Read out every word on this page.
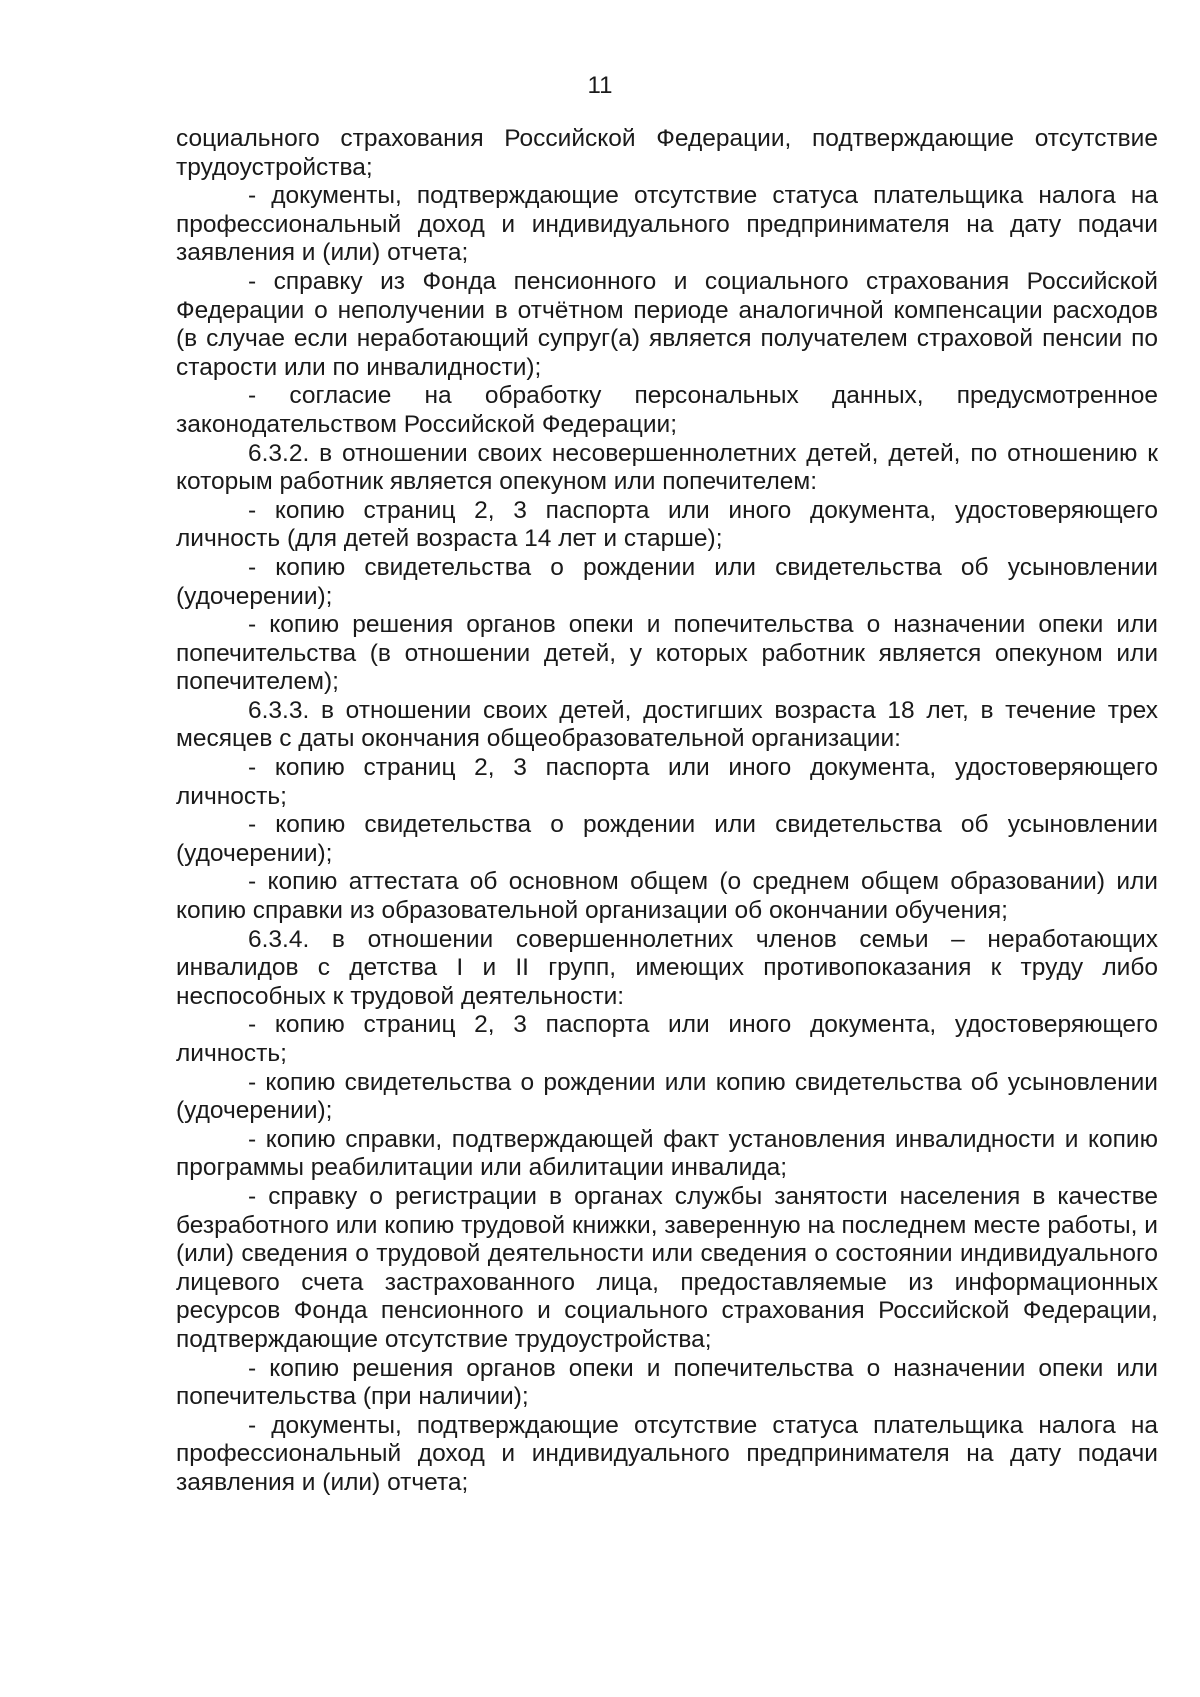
11

социального страхования Российской Федерации, подтверждающие отсутствие трудоустройства;

- документы, подтверждающие отсутствие статуса плательщика налога на профессиональный доход и индивидуального предпринимателя на дату подачи заявления и (или) отчета;

- справку из Фонда пенсионного и социального страхования Российской Федерации о неполучении в отчётном периоде аналогичной компенсации расходов (в случае если неработающий супруг(а) является получателем страховой пенсии по старости или по инвалидности);

- согласие на обработку персональных данных, предусмотренное законодательством Российской Федерации;

6.3.2. в отношении своих несовершеннолетних детей, детей, по отношению к которым работник является опекуном или попечителем:

- копию страниц 2, 3 паспорта или иного документа, удостоверяющего личность (для детей возраста 14 лет и старше);

- копию свидетельства о рождении или свидетельства об усыновлении (удочерении);

- копию решения органов опеки и попечительства о назначении опеки или попечительства (в отношении детей, у которых работник является опекуном или попечителем);

6.3.3. в отношении своих детей, достигших возраста 18 лет, в течение трех месяцев с даты окончания общеобразовательной организации:

- копию страниц 2, 3 паспорта или иного документа, удостоверяющего личность;

- копию свидетельства о рождении или свидетельства об усыновлении (удочерении);

- копию аттестата об основном общем (о среднем общем образовании) или копию справки из образовательной организации об окончании обучения;

6.3.4. в отношении совершеннолетних членов семьи – неработающих инвалидов с детства I и II групп, имеющих противопоказания к труду либо неспособных к трудовой деятельности:

- копию страниц 2, 3 паспорта или иного документа, удостоверяющего личность;

- копию свидетельства о рождении или копию свидетельства об усыновлении (удочерении);

- копию справки, подтверждающей факт установления инвалидности и копию программы реабилитации или абилитации инвалида;

- справку о регистрации в органах службы занятости населения в качестве безработного или копию трудовой книжки, заверенную на последнем месте работы, и (или) сведения о трудовой деятельности или сведения о состоянии индивидуального лицевого счета застрахованного лица, предоставляемые из информационных ресурсов Фонда пенсионного и социального страхования Российской Федерации, подтверждающие отсутствие трудоустройства;

- копию решения органов опеки и попечительства о назначении опеки или попечительства (при наличии);

- документы, подтверждающие отсутствие статуса плательщика налога на профессиональный доход и индивидуального предпринимателя на дату подачи заявления и (или) отчета;
